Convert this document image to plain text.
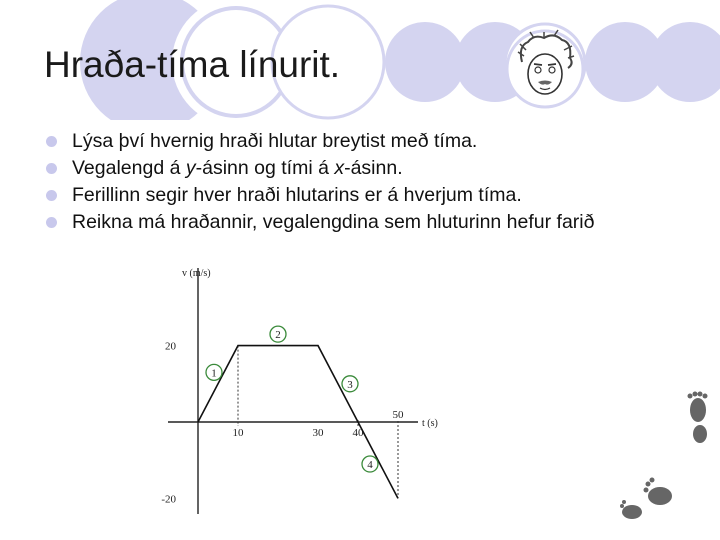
Hraða-tíma línurit.
Lýsa því hvernig hraði hlutar breytist með tíma.
Vegalengd á y-ásinn og tími á x-ásinn.
Ferillinn segir hver hraði hlutarins er á hverjum tíma.
Reikna má hraðannir, vegalengdina sem hluturinn hefur farið
v (m/s)
t (s)
20
-20
10	30	40
50
1
2
3
4
